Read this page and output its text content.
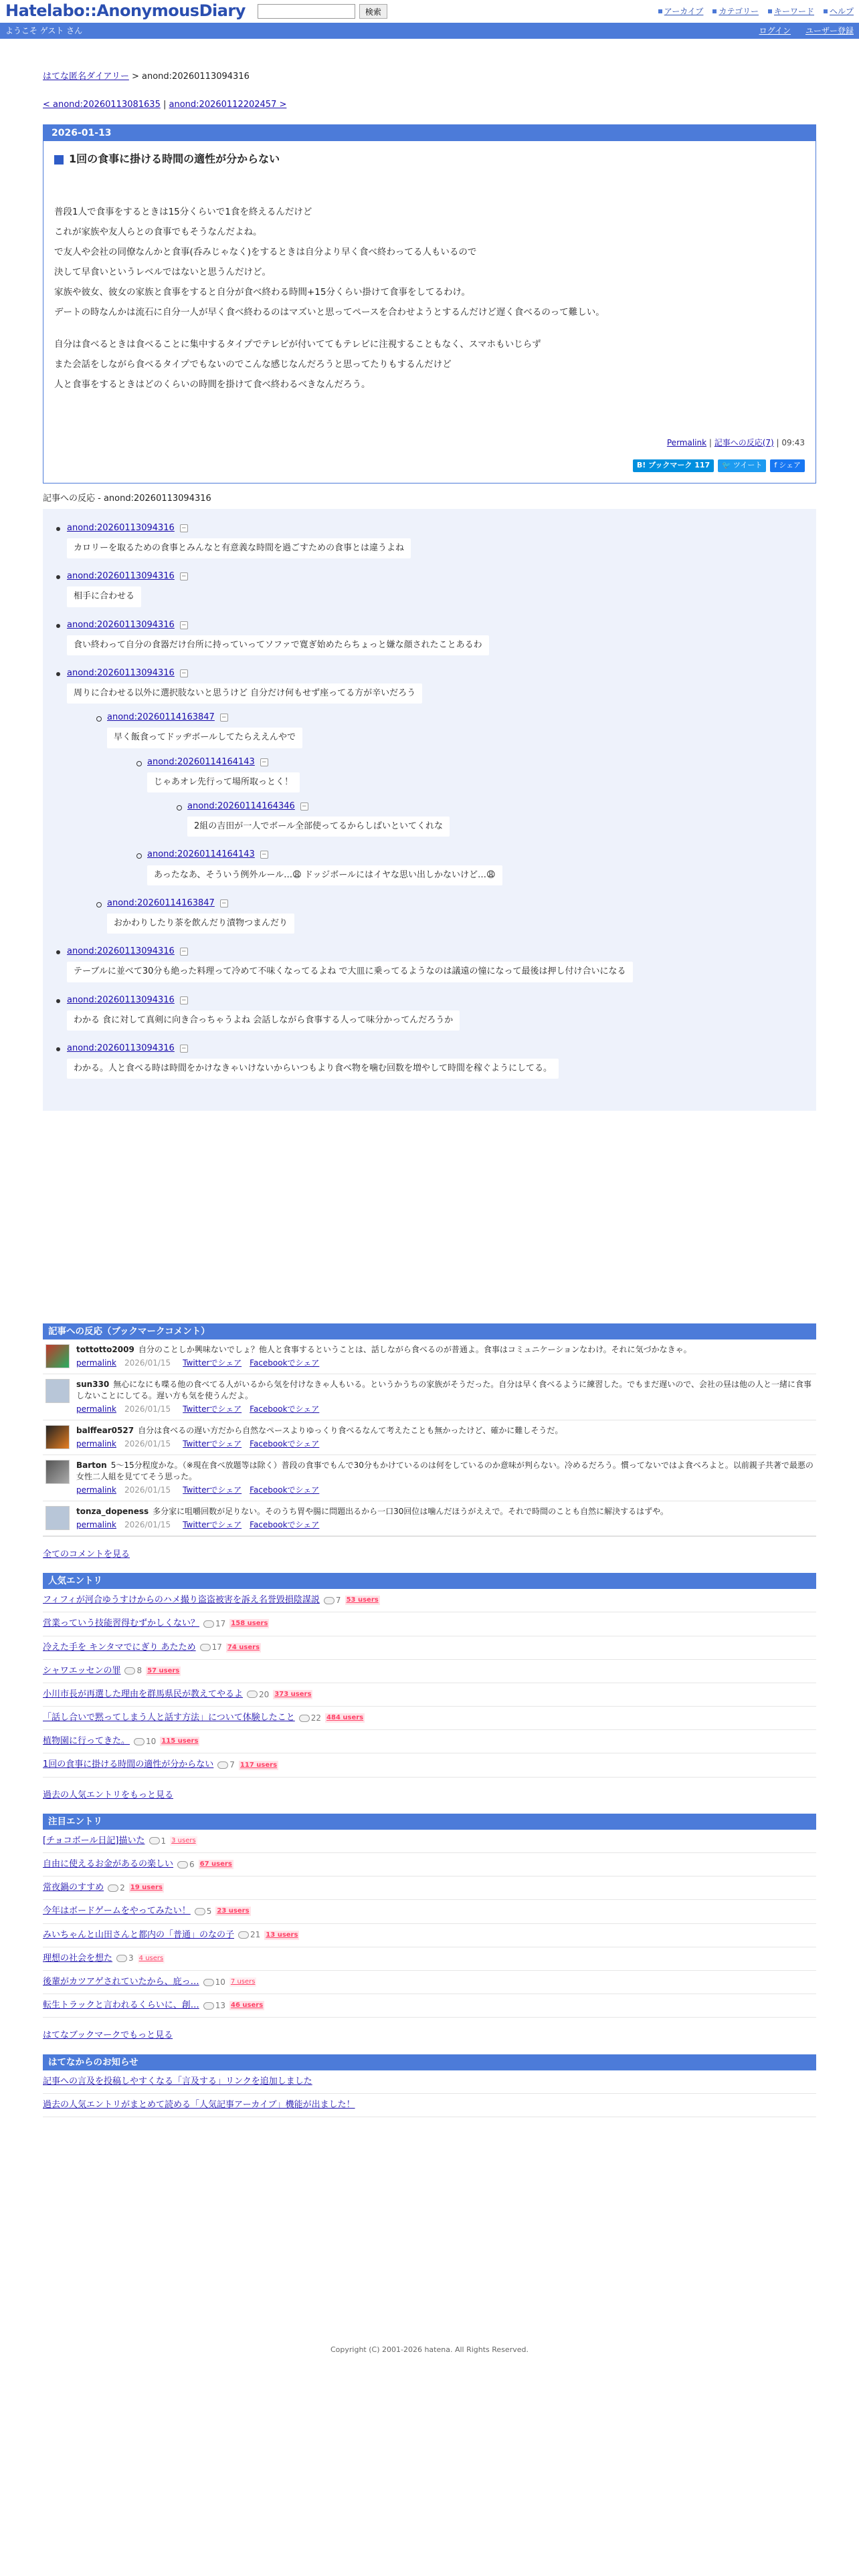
Hatelabo::AnonymousDiary	検索	アーカイブ	カテゴリー	キーワード	ヘルプ
ようこそ ゲスト さん	ログイン ユーザー登録
はてな匿名ダイアリー > anond:20260113094316
< anond:20260113081635 | anond:20260112202457 >
2026-01-13
1回の食事に掛ける時間の適性が分からない

普段1人で食事をするときは15分くらいで1食を終えるんだけど

これが家族や友人らとの食事でもそうなんだよね。

で友人や会社の同僚なんかと食事(呑みじゃなく)をするときは自分より早く食べ終わってる人もいるので

決して早食いというレベルではないと思うんだけど。

家族や彼女、彼女の家族と食事をすると自分が食べ終わる時間+15分くらい掛けて食事をしてるわけ。

デートの時なんかは流石に自分一人が早く食べ終わるのはマズいと思ってペースを合わせようとするんだけど遅く食べるのって難しい。

自分は食べるときは食べることに集中するタイプでテレビが付いててもテレビに注視することもなく、スマホもいじらず

また会話をしながら食べるタイプでもないのでこんな感じなんだろうと思ってたりもするんだけど

人と食事をするときはどのくらいの時間を掛けて食べ終わるべきなんだろう。

Permalink | 記事への反応(7) | 09:43
B! ブックマーク 117	🐦 ツイート f シェア
記事への反応 - anond:20260113094316
anond:20260113094316 −
カロリーを取るための食事とみんなと有意義な時間を過ごすための食事とは違うよね
anond:20260113094316 −
相手に合わせる
anond:20260113094316 −
食い終わって自分の食器だけ台所に持っていってソファで寛ぎ始めたらちょっと嫌な顔されたことあるわ
anond:20260113094316 −
周りに合わせる以外に選択肢ないと思うけど 自分だけ何もせず座ってる方が辛いだろう
anond:20260114163847 −
早く飯食ってドッヂボールしてたらええんやで
anond:20260114164143 −
じゃあオレ先行って場所取っとく！
anond:20260114164346 −
2組の吉田が一人でボール全部使ってるからしばいといてくれな
anond:20260114164143 −
あったなあ、そういう例外ルール…😩 ドッジボールにはイヤな思い出しかないけど…😩
anond:20260114163847 −
おかわりしたり茶を飲んだり漬物つまんだり
anond:20260113094316 −
テーブルに並べて30分も絶った料理って冷めて不味くなってるよね で大皿に乗ってるようなのは議遠の憧になって最後は押し付け合いになる
anond:20260113094316 −
わかる 食に対して真剣に向き合っちゃうよね 会話しながら食事する人って味分かってんだろうか
anond:20260113094316 −
わかる。人と食べる時は時間をかけなきゃいけないからいつもより食べ物を噛む回数を増やして時間を稼ぐようにしてる。
記事への反応（ブックマークコメント）
tottotto2009 自分のことしか興味ないでしょ？他人と食事するということは、話しながら食べるのが普通よ。食事はコミュニケーションなわけ。それに気づかなきゃ。
permalink 2026/01/15 Twitterでシェア Facebookでシェア
sun330 無心になにも喋る他の食べてる人がいるから気を付けなきゃ人もいる。というかうちの家族がそうだった。自分は早く食べるように練習した。でもまだ遅いので、会社の昼は他の人と一緒に食事しないことにしてる。遅い方も気を使うんだよ。
permalink 2026/01/15 Twitterでシェア Facebookでシェア
balffear0527 自分は食べるの遅い方だから自然なペースよりゆっくり食べるなんて考えたことも無かったけど、確かに難しそうだ。
permalink 2026/01/15 Twitterでシェア Facebookでシェア
Barton 5〜15分程度かな。（※現在食べ放題等は除く）普段の食事でもんで30分もかけているのは何をしているのか意味が判らない。冷めるだろう。慣ってないではよ食べろよと。以前親子共著で最悪の女性二人組を見ててそう思った。
permalink 2026/01/15 Twitterでシェア Facebookでシェア
tonza_dopeness 多分家に咀嚼回数が足りない。そのうち胃や腸に問題出るから一口30回位は噛んだほうがええで。それで時間のことも自然に解決するはずや。
permalink 2026/01/15 Twitterでシェア Facebookでシェア
全てのコメントを見る
人気エントリ
フィフィが河合ゆうすけからのハメ撮り盗盗被害を訴え名誉毀損陰謀説 7 53 users
営業っていう技能習得むずかしくない？ 17 158 users
冷えた手を キンタマでにぎり あたため 17 74 users
シャワエッセンの罪 8 57 users
小川市長が再選した理由を群馬県民が教えてやるよ 20 373 users
「話し合いで黙ってしまう人と話す方法」について体験したこと 22 484 users
植物園に行ってきた。 10 115 users
1回の食事に掛ける時間の適性が分からない 7 117 users
過去の人気エントリをもっと見る
注目エントリ
[チョコボール日記]描いた 1 3 users
自由に使えるお金があるの楽しい 6 67 users
常夜鍋のすすめ 2 19 users
今年はボードゲームをやってみたい！ 5 23 users
みいちゃんと山田さんと都内の「普通」のなの子 21 13 users
理想の社会を想た 3 4 users
後輩がカツアゲされていたから、庇っ… 10 7 users
転生トラックと言われるくらいに、創… 13 46 users
はてなブックマークでもっと見る
はてなからのお知らせ
記事への言及を投稿しやすくなる「言及する」リンクを追加しました
過去の人気エントリがまとめて読める「人気記事アーカイブ」機能が出ました！
Copyright (C) 2001-2026 hatena. All Rights Reserved.
